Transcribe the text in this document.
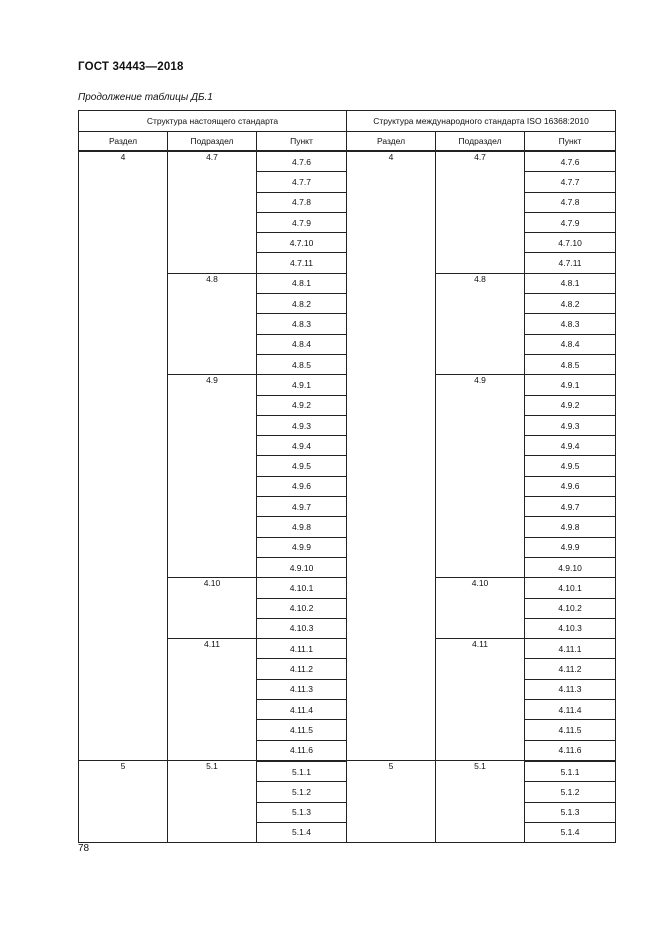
ГОСТ 34443—2018
Продолжение таблицы ДБ.1
Структура настоящего стандарта			Структура международного стандарта ISO 16368:2010		
Раздел	Подраздел	Пункт	Раздел	Подраздел	Пункт
4	4.7	4.7.6	4	4.7	4.7.6
		4.7.7			4.7.7
		4.7.8			4.7.8
		4.7.9			4.7.9
		4.7.10			4.7.10
		4.7.11			4.7.11
	4.8	4.8.1		4.8	4.8.1
		4.8.2			4.8.2
		4.8.3			4.8.3
		4.8.4			4.8.4
		4.8.5			4.8.5
	4.9	4.9.1		4.9	4.9.1
		4.9.2			4.9.2
		4.9.3			4.9.3
		4.9.4			4.9.4
		4.9.5			4.9.5
		4.9.6			4.9.6
		4.9.7			4.9.7
		4.9.8			4.9.8
		4.9.9			4.9.9
		4.9.10			4.9.10
	4.10	4.10.1		4.10	4.10.1
		4.10.2			4.10.2
		4.10.3			4.10.3
	4.11	4.11.1		4.11	4.11.1
		4.11.2			4.11.2
		4.11.3			4.11.3
		4.11.4			4.11.4
		4.11.5			4.11.5
		4.11.6			4.11.6
5	5.1	5.1.1	5	5.1	5.1.1
		5.1.2			5.1.2
		5.1.3			5.1.3
		5.1.4			5.1.4
78
